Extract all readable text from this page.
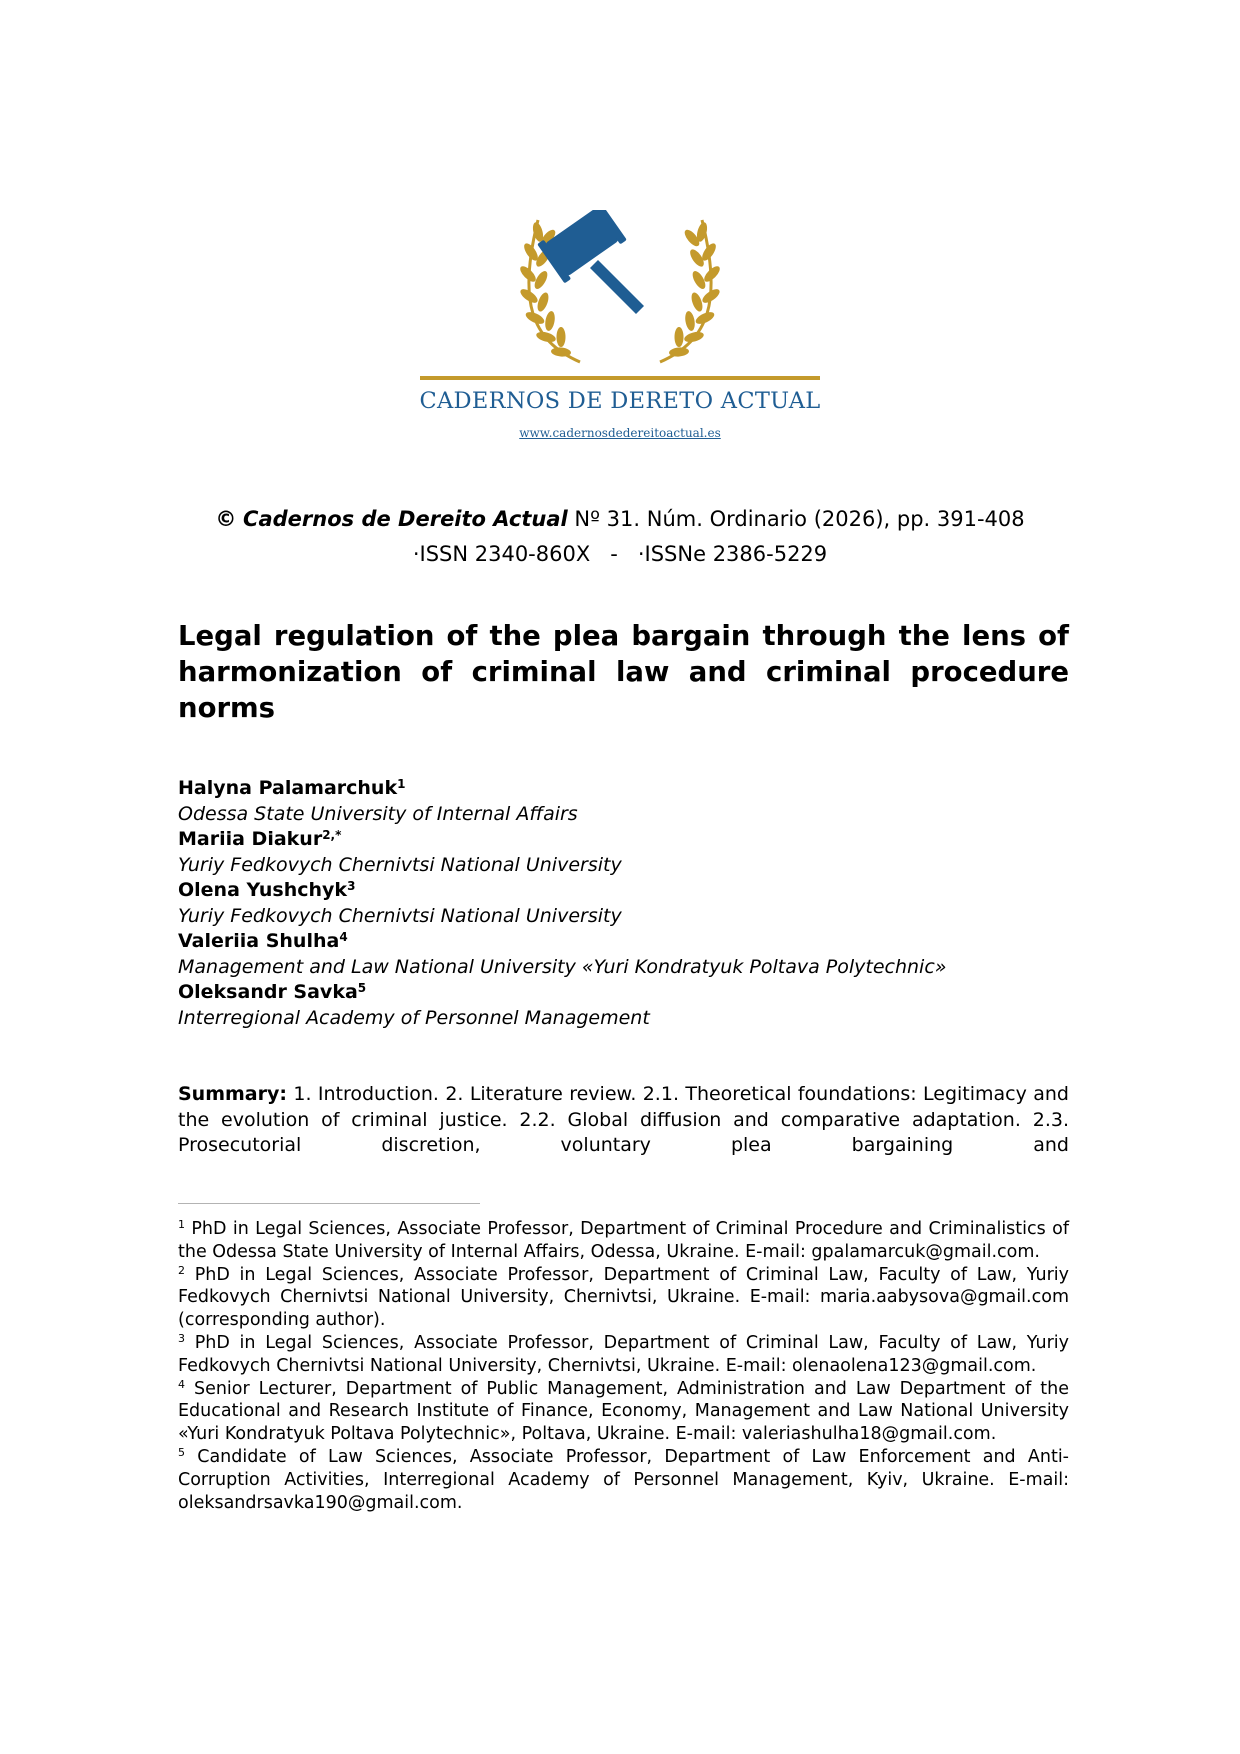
CADERNOS DE DERETO ACTUAL
www.cadernosdedereitoactual.es
© Cadernos de Dereito Actual Nº 31. Núm. Ordinario (2026), pp. 391-408
·ISSN 2340-860X   -   ·ISSNe 2386-5229
Legal regulation of the plea bargain through the lens of harmonization of criminal law and criminal procedure norms
Halyna Palamarchuk$^1$
Odessa State University of Internal Affairs
Mariia Diakur$^{2,*}$
Yuriy Fedkovych Chernivtsi National University
Olena Yushchyk$^3$
Yuriy Fedkovych Chernivtsi National University
Valeriia Shulha$^4$
Management and Law National University «Yuri Kondratyuk Poltava Polytechnic»
Oleksandr Savka$^5$
Interregional Academy of Personnel Management

Summary: 1. Introduction. 2. Literature review. 2.1. Theoretical foundations: Legitimacy and the evolution of criminal justice. 2.2. Global diffusion and comparative adaptation. 2.3. Prosecutorial discretion, voluntary plea bargaining and

$^1$ PhD in Legal Sciences, Associate Professor, Department of Criminal Procedure and Criminalistics of the Odessa State University of Internal Affairs, Odessa, Ukraine. E-mail: gpalamarcuk@gmail.com.

$^2$ PhD in Legal Sciences, Associate Professor, Department of Criminal Law, Faculty of Law, Yuriy Fedkovych Chernivtsi National University, Chernivtsi, Ukraine. E-mail: maria.aabysova@gmail.com (corresponding author).

$^3$ PhD in Legal Sciences, Associate Professor, Department of Criminal Law, Faculty of Law, Yuriy Fedkovych Chernivtsi National University, Chernivtsi, Ukraine. E-mail: olenaolena123@gmail.com.

$^4$ Senior Lecturer, Department of Public Management, Administration and Law Department of the Educational and Research Institute of Finance, Economy, Management and Law National University «Yuri Kondratyuk Poltava Polytechnic», Poltava, Ukraine. E-mail: valeriashulha18@gmail.com.

$^5$ Candidate of Law Sciences, Associate Professor, Department of Law Enforcement and Anti-Corruption Activities, Interregional Academy of Personnel Management, Kyiv, Ukraine. E-mail: oleksandrsavka190@gmail.com.
